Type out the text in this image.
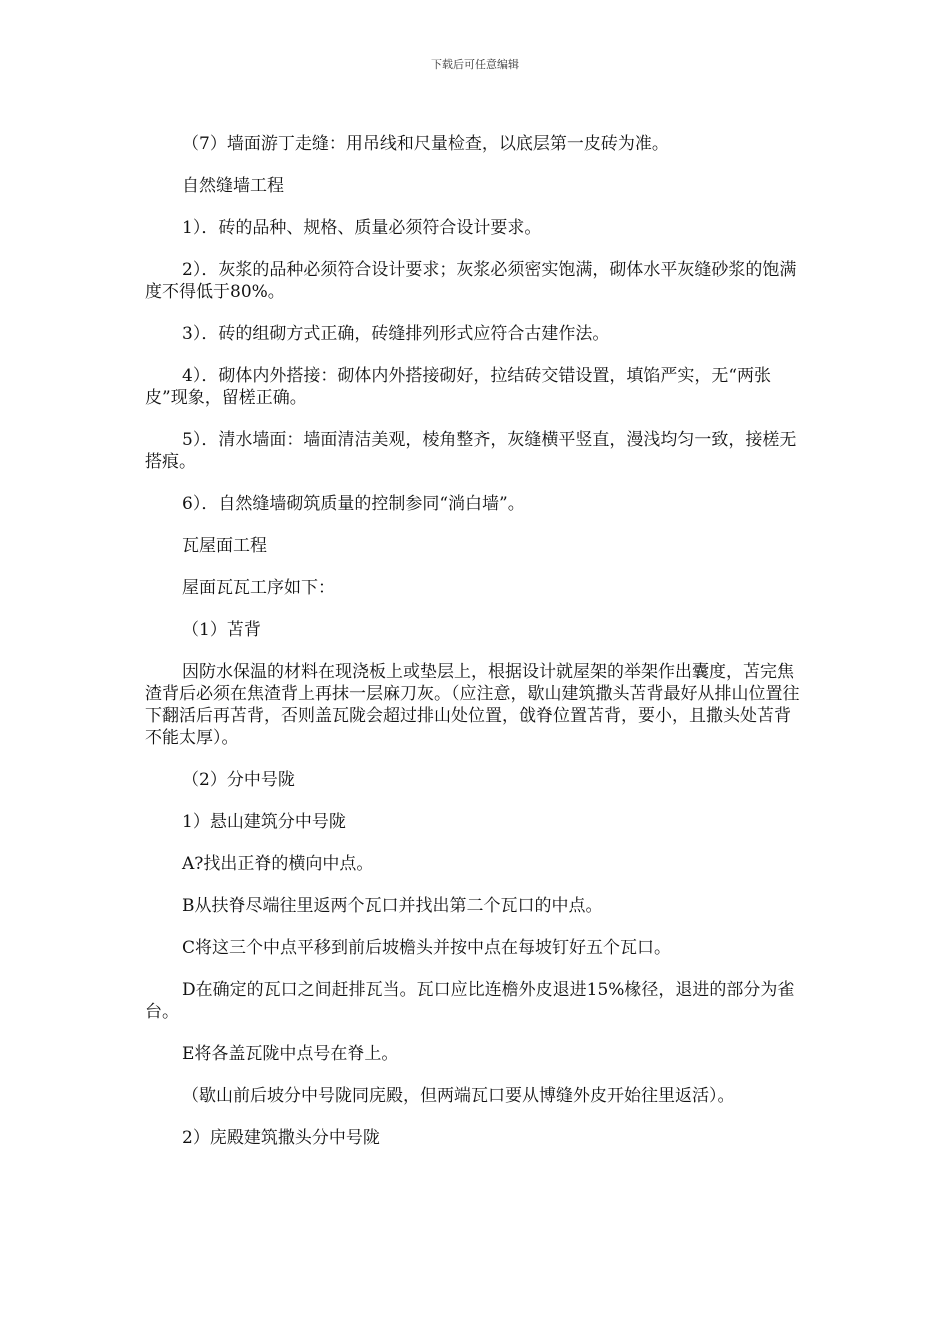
下载后可任意编辑

（7）墙面游丁走缝：用吊线和尺量检查，以底层第一皮砖为准。

自然缝墙工程

1）．砖的品种、规格、质量必须符合设计要求。

2）．灰浆的品种必须符合设计要求；灰浆必须密实饱满，砌体水平灰缝砂浆的饱满度不得低于80%。

3）．砖的组砌方式正确，砖缝排列形式应符合古建作法。

4）．砌体内外搭接：砌体内外搭接砌好，拉结砖交错设置，填馅严实，无“两张皮”现象，留槎正确。

5）．清水墙面：墙面清洁美观，棱角整齐，灰缝横平竖直，漫浅均匀一致，接槎无搭痕。

6）．自然缝墙砌筑质量的控制参同“淌白墙”。

瓦屋面工程

屋面瓦瓦工序如下：

（1）苫背

因防水保温的材料在现浇板上或垫层上，根据设计就屋架的举架作出囊度，苫完焦渣背后必须在焦渣背上再抹一层麻刀灰。（应注意，歇山建筑撒头苫背最好从排山位置往下翻活后再苫背，否则盖瓦陇会超过排山处位置，戗脊位置苫背，要小，且撒头处苫背不能太厚）。

（2）分中号陇

1）悬山建筑分中号陇

A?找出正脊的横向中点。

B从扶脊尽端往里返两个瓦口并找出第二个瓦口的中点。

C将这三个中点平移到前后坡檐头并按中点在每坡钉好五个瓦口。

D在确定的瓦口之间赶排瓦当。瓦口应比连檐外皮退进15%椽径，退进的部分为雀台。

E将各盖瓦陇中点号在脊上。

（歇山前后坡分中号陇同庑殿，但两端瓦口要从博缝外皮开始往里返活）。

2）庑殿建筑撒头分中号陇
